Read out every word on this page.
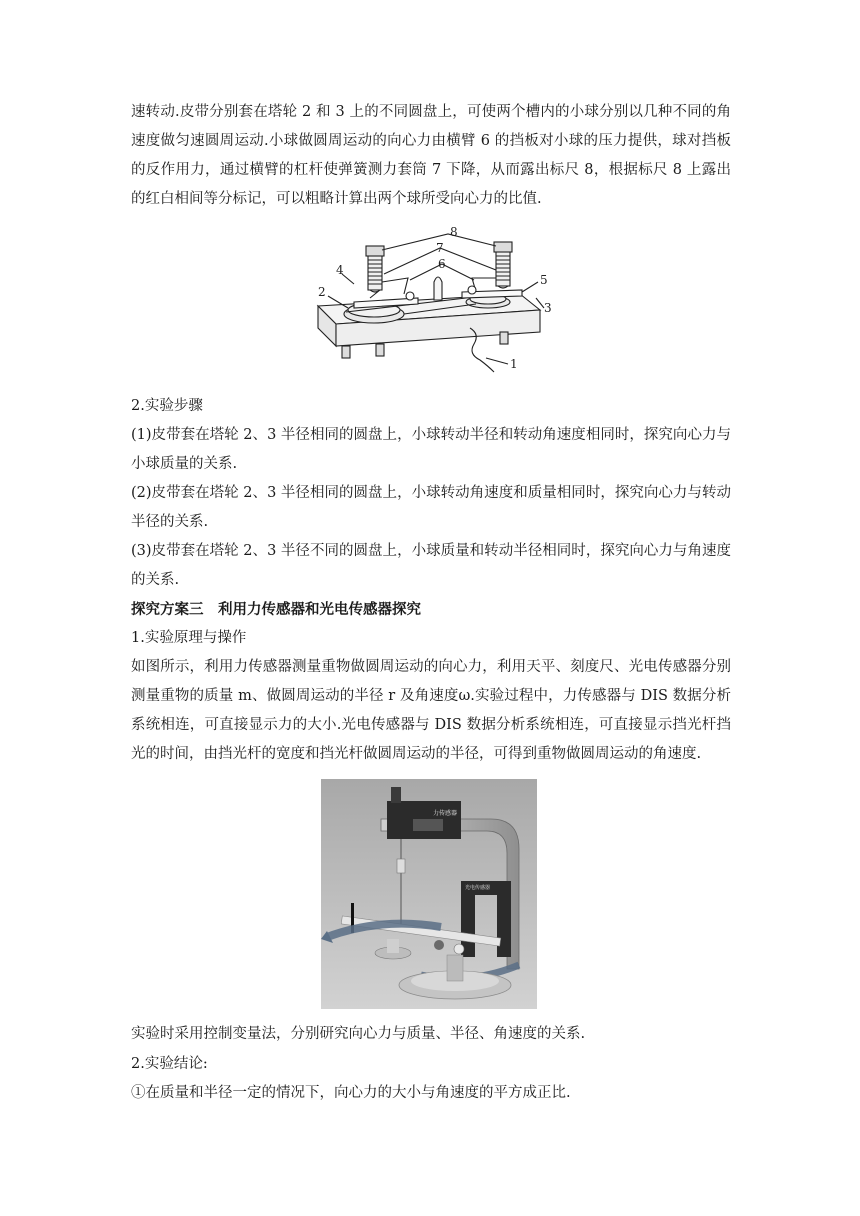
速转动.皮带分别套在塔轮 2 和 3 上的不同圆盘上，可使两个槽内的小球分别以几种不同的角速度做匀速圆周运动.小球做圆周运动的向心力由横臂 6 的挡板对小球的压力提供，球对挡板的反作用力，通过横臂的杠杆使弹簧测力套筒 7 下降，从而露出标尺 8，根据标尺 8 上露出的红白相间等分标记，可以粗略计算出两个球所受向心力的比值.

8
7
6
4
5
2
3
1

2.实验步骤

(1)皮带套在塔轮 2、3 半径相同的圆盘上，小球转动半径和转动角速度相同时，探究向心力与小球质量的关系.

(2)皮带套在塔轮 2、3 半径相同的圆盘上，小球转动角速度和质量相同时，探究向心力与转动半径的关系.

(3)皮带套在塔轮 2、3 半径不同的圆盘上，小球质量和转动半径相同时，探究向心力与角速度的关系.

探究方案三　利用力传感器和光电传感器探究

1.实验原理与操作

如图所示，利用力传感器测量重物做圆周运动的向心力，利用天平、刻度尺、光电传感器分别测量重物的质量 m、做圆周运动的半径 r 及角速度ω.实验过程中，力传感器与 DIS 数据分析系统相连，可直接显示力的大小.光电传感器与 DIS 数据分析系统相连，可直接显示挡光杆挡光的时间，由挡光杆的宽度和挡光杆做圆周运动的半径，可得到重物做圆周运动的角速度.

力传感器
光电传感器

实验时采用控制变量法，分别研究向心力与质量、半径、角速度的关系.

2.实验结论:

①在质量和半径一定的情况下，向心力的大小与角速度的平方成正比.
